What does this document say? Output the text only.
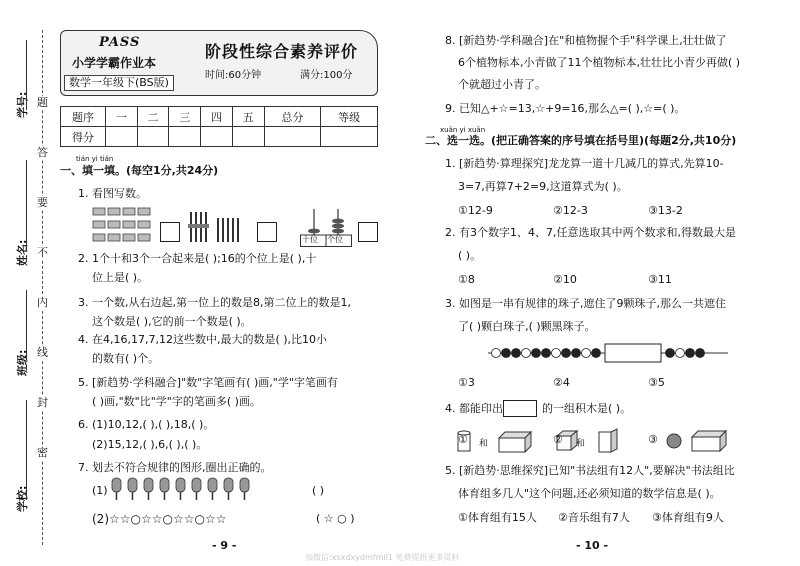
学号:
姓名:
班级:
学校:
题
答
要
不
内
线
封
密
PASS
小学学霸作业本
数学一年级下(BS版)
阶段性综合素养评价
时间:60分钟	满分:100分
题序	一	二	三	四	五	总分	等级
得分							
tián yi tián
一、填一填。(每空1分,共24分)
1. 看图写数。
十位 个位
2. 1个十和3个一合起来是( );16的个位上是( ),十
位上是( )。
3. 一个数,从右边起,第一位上的数是8,第二位上的数是1,
这个数是( ),它的前一个数是( )。
4. 在4,16,17,7,12这些数中,最大的数是( ),比10小
的数有( )个。
5. [新趋势·学科融合]"数"字笔画有( )画,"学"字笔画有
( )画,"数"比"学"字的笔画多( )画。
6. (1)10,12,( ),( ),18,( )。
(2)15,12,( ),6,( ),( )。
7. 划去不符合规律的图形,圈出正确的。
(1)	( )
(2)☆☆○☆☆○☆☆○☆☆	( ☆ ○ )
- 9 -
8. [新趋势·学科融合]在"和植物握个手"科学课上,壮壮做了
6个植物标本,小青做了11个植物标本,壮壮比小青少再做( )
个就超过小青了。
9. 已知△+☆=13,☆+9=16,那么△=( ),☆=( )。
xuǎn yi xuǎn
二、选一选。(把正确答案的序号填在括号里)(每题2分,共10分)
1. [新趋势·算理探究]龙龙算一道十几减几的算式,先算10-
3=7,再算7+2=9,这道算式为( )。
①12-9	②12-3	③13-2
2. 有3个数字1、4、7,任意选取其中两个数求和,得数最大是
( )。
①8	②10	③11
3. 如图是一串有规律的珠子,遮住了9颗珠子,那么一共遮住
了( )颗白珠子,( )颗黑珠子。
①3	②4	③5
4. 都能印出	的一组积木是( )。
和	和
①	②	③
5. [新趋势·思维探究]已知"书法组有12人",要解决"书法组比
体育组多几人"这个问题,还必须知道的数学信息是( )。
①体育组有15人 ②音乐组有7人 ③体育组有9人
- 10 -
加微信:xsxdxydmfmll1 免费提供更多资料
